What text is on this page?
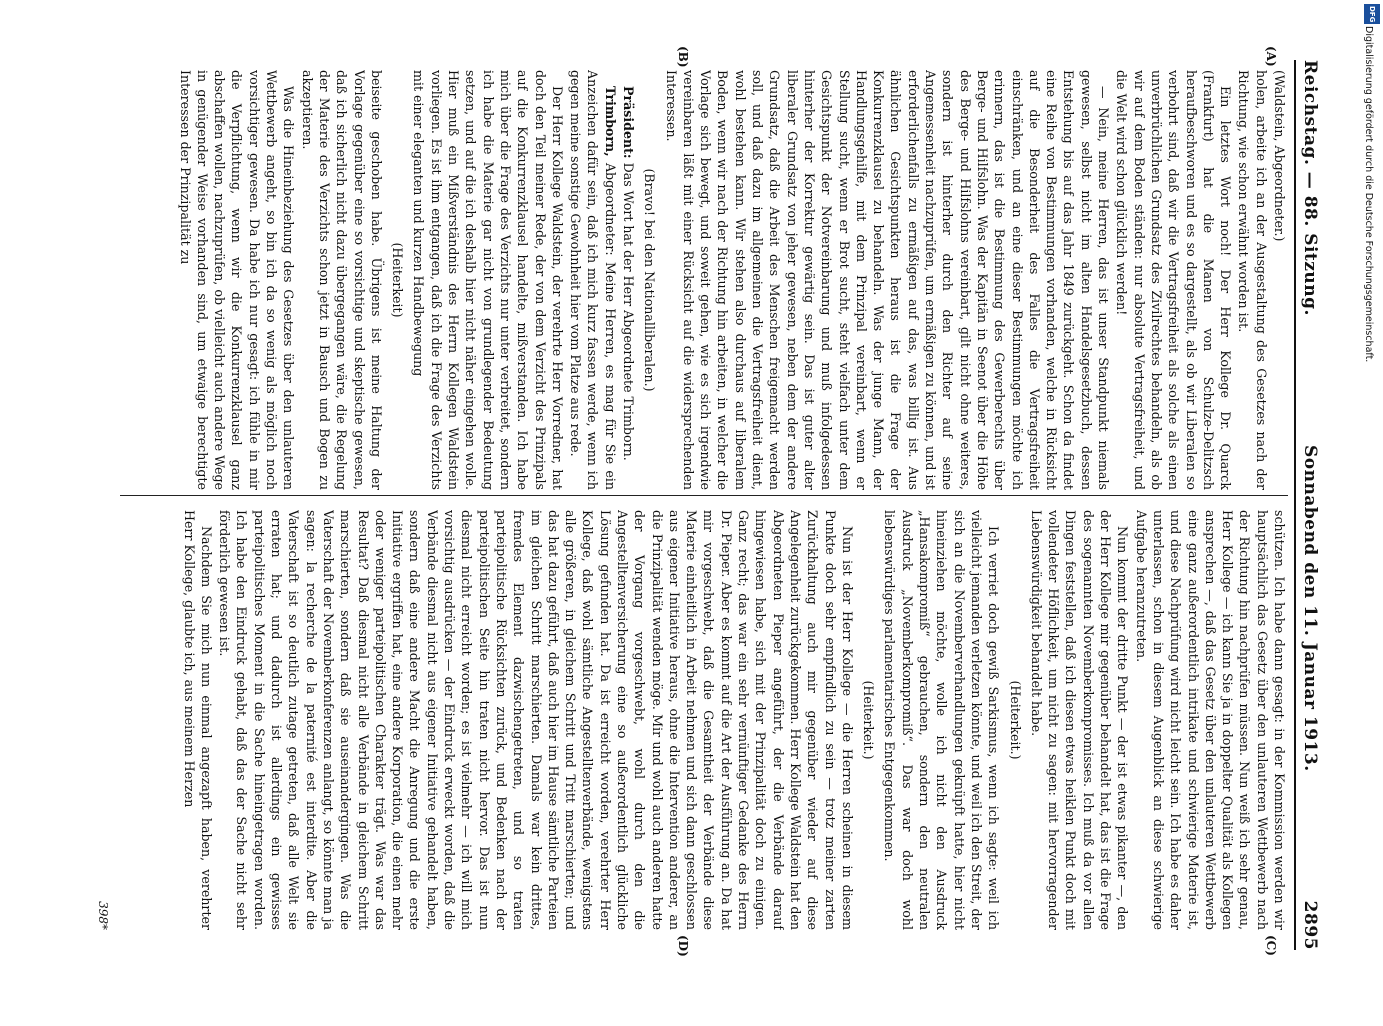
Reichstag. — 88. Sitzung.
Sonnabend den 11. Januar 1913.
2895
(A)
(B)
(C)
(D)

(Waldstein, Abgeordneter.)

holen, arbeite ich an der Ausgestaltung des Gesetzes nach der Richtung, wie schon erwähnt worden ist.

Ein letztes Wort noch! Der Herr Kollege Dr. Quarck (Frankfurt) hat die Manen von Schulze-Delitzsch heraufbeschworen und es so dargestellt, als ob wir Liberalen so verbohrt sind, daß wir die Vertragsfreiheit als solche als einen unverbrüchlichen Grundsatz des Zivilrechtes behandeln, als ob wir auf dem Boden ständen: nur absolute Vertragsfreiheit, und die Welt wird schon glücklich werden!

— Nein, meine Herren, das ist unser Standpunkt niemals gewesen, selbst nicht im alten Handelsgesetzbuch, dessen Entstehung bis auf das Jahr 1849 zurückgeht. Schon da findet eine Reihe von Bestimmungen vorhanden, welche in Rücksicht auf die Besonderheit des Falles die Vertragsfreiheit einschränken, und an eine dieser Bestimmungen möchte ich erinnern, das ist die Bestimmung des Gewerberechts über Berge- und Hilfslohn. Was der Kapitän in Seenot über die Höhe des Berge- und Hilfslohns vereinbart, gilt nicht ohne weiteres, sondern ist hinterher durch den Richter auf seine Angemessenheit nachzuprüfen, um ermäßigen zu können, und ist erforderlichenfalls zu ermäßigen auf das, was billig ist. Aus ähnlichen Gesichtspunkten heraus ist die Frage der Konkurrenzklausel zu behandeln. Was der junge Mann, der Handlungsgehilfe, mit dem Prinzipal vereinbart, wenn er Stellung sucht, wenn er Brot sucht, steht vielfach unter dem Gesichtspunkt der Notvereinbarung und muß infolgedessen hinterher der Korrektur gewärtig sein. Das ist guter alter liberaler Grundsatz von jeher gewesen, neben dem der andere Grundsatz, daß die Arbeit des Menschen freigemacht werden soll, und daß dazu im allgemeinen die Vertragsfreiheit dient, wohl bestehen kann. Wir stehen also durchaus auf liberalem Boden, wenn wir nach der Richtung hin arbeiten, in welcher die Vorlage sich bewegt, und soweit gehen, wie es sich irgendwie vereinbaren läßt mit einer Rücksicht auf die widersprechenden Interessen.

(Bravo! bei den Nationalliberalen.)

Präsident: Das Wort hat der Herr Abgeordnete Trimborn.

Trimborn, Abgeordneter: Meine Herren, es mag für Sie ein Anzeichen dafür sein, daß ich mich kurz fassen werde, wenn ich gegen meine sonstige Gewohnheit hier vom Platze aus rede.

Der Herr Kollege Waldstein, der verehrte Herr Vorredner, hat doch den Teil meiner Rede, der von dem Verzicht des Prinzipals auf die Konkurrenzklausel handelte, mißverstanden. Ich habe mich über die Frage des Verzichts nur unter verbreitet, sondern ich habe die Materie gar nicht von grundlegender Bedeutung setzen, und auf die ich deshalb hier nicht näher eingehen wolle. Hier muß ein Mißverständnis des Herrn Kollegen Waldstein vorliegen. Es ist ihm entgangen, daß ich die Frage des Verzichts mit einer eleganten und kurzen Handbewegung

(Heiterkeit)

beiseite geschoben habe. Übrigens ist meine Haltung der Vorlage gegenüber eine so vorsichtige und skeptische gewesen, daß ich sicherlich nicht dazu übergegangen wäre, die Regelung der Materie des Verzichts schon jetzt in Bausch und Bogen zu akzeptieren.

Was die Hineinbeziehung des Gesetzes über den unlauteren Wettbewerb angeht, so bin ich da so wenig als möglich noch vorsichtiger gewesen. Da habe ich nur gesagt: ich fühle in mir die Verpflichtung, wenn wir die Konkurrenzklausel ganz abschaffen wollen, nachzuprüfen, ob vielleicht auch andere Wege in genügender Weise vorhanden sind, um etwaige berechtigte Interessen der Prinzipalität zu

schützen. Ich habe dann gesagt: in der Kommission werden wir hauptsächlich das Gesetz über den unlauteren Wettbewerb nach der Richtung hin nachprüfen müssen. Nun weiß ich sehr genau, Herr Kollege — ich kann Sie ja in doppelter Qualität als Kollegen ansprechen —, daß das Gesetz über den unlauteren Wettbewerb eine ganz außerordentlich intrikate und schwierige Materie ist, und diese Nachprüfung wird nicht leicht sein. Ich habe es daher unterlassen, schon in diesem Augenblick an diese schwierige Aufgabe heranzutreten.

Nun kommt der dritte Punkt — der ist etwas pikanter —, den der Herr Kollege mir gegenüber behandelt hat, das ist die Frage des sogenannten Novemberkompromisses. Ich muß da vor allen Dingen feststellen, daß ich diesen etwas heiklen Punkt doch mit vollendeter Höflichkeit, um nicht zu sagen: mit hervorragender Liebenswürdigkeit behandelt habe.

(Heiterkeit.)

Ich verriet doch gewiß Sarkismus, wenn ich sagte: weil ich vielleicht jemanden verletzen könnte, und weil ich den Streit, der sich an die Novemberverhandlungen geknüpft hatte, hier nicht hineinziehen möchte, wolle ich nicht den Ausdruck „Hansakompromiß“ gebrauchen, sondern den neutralen Ausdruck „Novemberkompromiß“. Das war doch wohl liebenswürdiges parlamentarisches Entgegenkommen.

(Heiterkeit.)

Nun ist der Herr Kollege — die Herren scheinen in diesem Punkte doch sehr empfindlich zu sein — trotz meiner zarten Zurückhaltung auch mir gegenüber wieder auf diese Angelegenheit zurückgekommen. Herr Kollege Waldstein hat den Abgeordneten Pieper angeführt, der die Verbände darauf hingewiesen habe, sich mit der Prinzipalität doch zu einigen. Ganz recht; das war ein sehr vernünftiger Gedanke des Herrn Dr. Pieper. Aber es kommt auf die Art der Ausführung an. Da hat mir vorgeschwebt, daß die Gesamtheit der Verbände diese Materie einheitlich in Arbeit nehmen und sich dann geschlossen aus eigener Initiative heraus, ohne die Intervention anderer, an die Prinzipalität wenden möge. Mir und wohl auch anderen hatte der Vorgang vorgeschwebt, wohl durch den die Angestelltenversicherung eine so außerordentlich glückliche Lösung gefunden hat. Da ist erreicht worden, verehrter Herr Kollege, daß wohl sämtliche Angestelltenverbände, wenigstens alle größeren, in gleichem Schritt und Tritt marschierten; und das hat dazu geführt, daß auch hier im Hause sämtliche Parteien im gleichen Schritt marschierten. Damals war kein drittes, fremdes Element dazwischengetreten, und so traten parteipolitische Rücksichten zurück, und Bedenken nach der parteipolitischen Seite hin traten nicht hervor. Das ist nun diesmal nicht erreicht worden; es ist vielmehr — ich will mich vorsichtig ausdrücken — der Eindruck erweckt worden, daß die Verbände diesmal nicht aus eigener Initiative gehandelt haben, sondern daß eine andere Macht die Anregung und die erste Initiative ergriffen hat, eine andere Korporation, die einen mehr oder weniger parteipolitischen Charakter trägt. Was war das Resultat? Daß diesmal nicht alle Verbände in gleichem Schritt marschierten, sondern daß sie auseinandergingen. Was die Vaterschaft der Novemberkonferenzen anlangt, so könnte man ja sagen: la recherche de la paternité est interdite. Aber die Vaterschaft ist so deutlich zutage getreten, daß alle Welt sie erraten hat; und dadurch ist allerdings ein gewisses parteipolitisches Moment in die Sache hineingetragen worden. Ich habe den Eindruck gehabt, daß das der Sache nicht sehr förderlich gewesen ist.

Nachdem Sie mich nun einmal angezapft haben, verehrter Herr Kollege, glaubte ich, aus meinem Herzen

398*
DFG
Digitalisierung gefördert durch die Deutsche Forschungsgemeinschaft.
